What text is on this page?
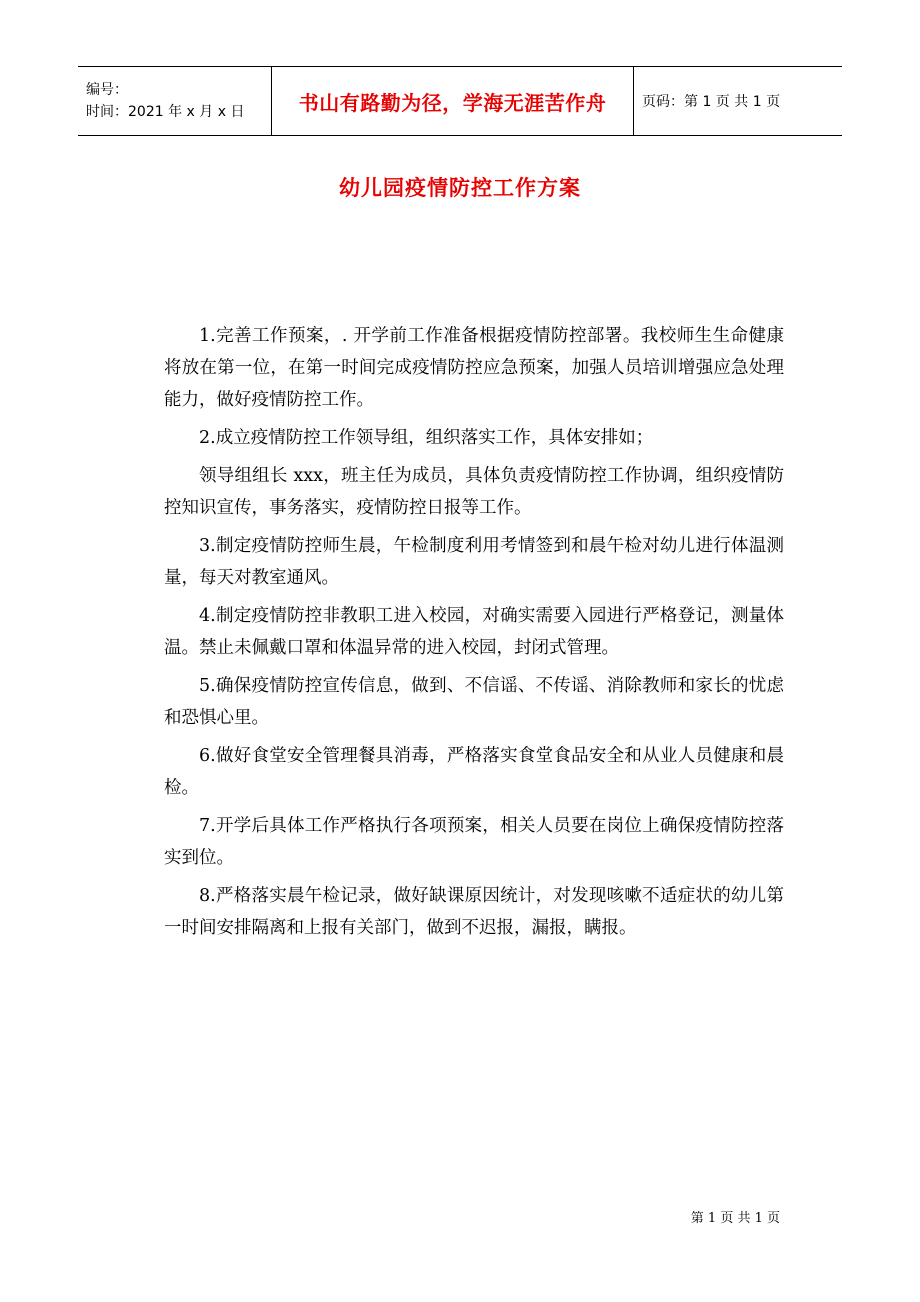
编号：
时间：2021 年 x 月 x 日	书山有路勤为径，学海无涯苦作舟	页码：第 1 页 共 1 页
幼儿园疫情防控工作方案

1.完善工作预案，. 开学前工作准备根据疫情防控部署。我校师生生命健康将放在第一位，在第一时间完成疫情防控应急预案，加强人员培训增强应急处理能力，做好疫情防控工作。

2.成立疫情防控工作领导组，组织落实工作，具体安排如；

领导组组长 xxx，班主任为成员，具体负责疫情防控工作协调，组织疫情防控知识宣传，事务落实，疫情防控日报等工作。

3.制定疫情防控师生晨，午检制度利用考情签到和晨午检对幼儿进行体温测量，每天对教室通风。

4.制定疫情防控非教职工进入校园，对确实需要入园进行严格登记，测量体温。禁止未佩戴口罩和体温异常的进入校园，封闭式管理。

5.确保疫情防控宣传信息，做到、不信谣、不传谣、消除教师和家长的忧虑和恐惧心里。

6.做好食堂安全管理餐具消毒，严格落实食堂食品安全和从业人员健康和晨检。

7.开学后具体工作严格执行各项预案，相关人员要在岗位上确保疫情防控落实到位。

8.严格落实晨午检记录，做好缺课原因统计，对发现咳嗽不适症状的幼儿第一时间安排隔离和上报有关部门，做到不迟报，漏报，瞒报。

第 1 页 共 1 页
